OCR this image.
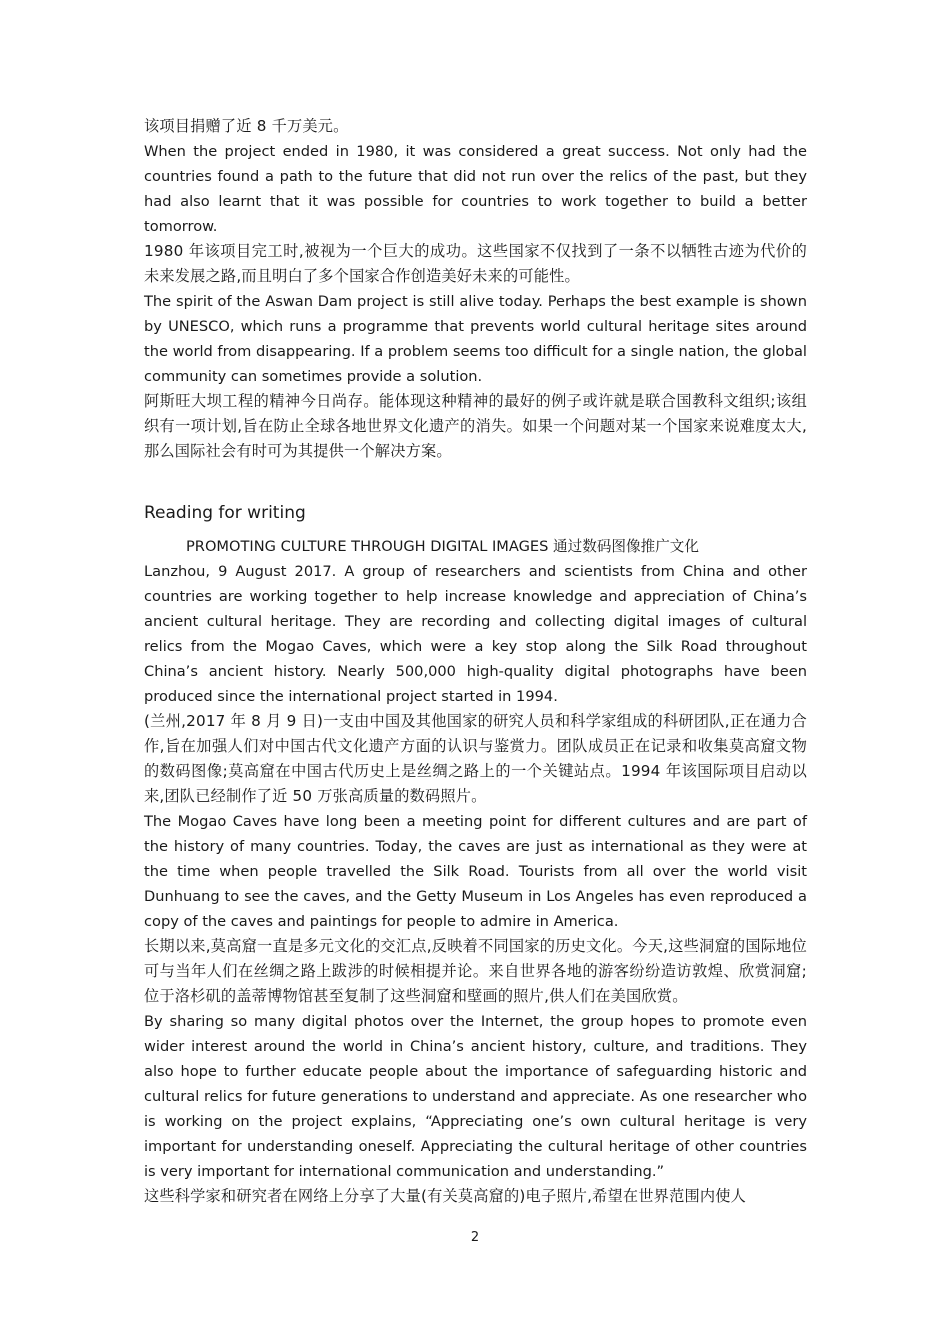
该项目捐赠了近 8 千万美元。

When the project ended in 1980, it was considered a great success. Not only had the countries found a path to the future that did not run over the relics of the past, but they had also learnt that it was possible for countries to work together to build a better tomorrow.

1980 年该项目完工时,被视为一个巨大的成功。这些国家不仅找到了一条不以牺牲古迹为代价的未来发展之路,而且明白了多个国家合作创造美好未来的可能性。

The spirit of the Aswan Dam project is still alive today. Perhaps the best example is shown by UNESCO, which runs a programme that prevents world cultural heritage sites around the world from disappearing. If a problem seems too difficult for a single nation, the global community can sometimes provide a solution.

阿斯旺大坝工程的精神今日尚存。能体现这种精神的最好的例子或许就是联合国教科文组织;该组织有一项计划,旨在防止全球各地世界文化遗产的消失。如果一个问题对某一个国家来说难度太大,那么国际社会有时可为其提供一个解决方案。

Reading for writing

PROMOTING CULTURE THROUGH DIGITAL IMAGES 通过数码图像推广文化

Lanzhou, 9 August 2017. A group of researchers and scientists from China and other countries are working together to help increase knowledge and appreciation of China’s ancient cultural heritage. They are recording and collecting digital images of cultural relics from the Mogao Caves, which were a key stop along the Silk Road throughout China’s ancient history. Nearly 500,000 high-quality digital photographs have been produced since the international project started in 1994.

(兰州,2017 年 8 月 9 日)一支由中国及其他国家的研究人员和科学家组成的科研团队,正在通力合作,旨在加强人们对中国古代文化遗产方面的认识与鉴赏力。团队成员正在记录和收集莫高窟文物的数码图像;莫高窟在中国古代历史上是丝绸之路上的一个关键站点。1994 年该国际项目启动以来,团队已经制作了近 50 万张高质量的数码照片。

The Mogao Caves have long been a meeting point for different cultures and are part of the history of many countries. Today, the caves are just as international as they were at the time when people travelled the Silk Road. Tourists from all over the world visit Dunhuang to see the caves, and the Getty Museum in Los Angeles has even reproduced a copy of the caves and paintings for people to admire in America.

长期以来,莫高窟一直是多元文化的交汇点,反映着不同国家的历史文化。今天,这些洞窟的国际地位可与当年人们在丝绸之路上跋涉的时候相提并论。来自世界各地的游客纷纷造访敦煌、欣赏洞窟;位于洛杉矶的盖蒂博物馆甚至复制了这些洞窟和壁画的照片,供人们在美国欣赏。

By sharing so many digital photos over the Internet, the group hopes to promote even wider interest around the world in China’s ancient history, culture, and traditions. They also hope to further educate people about the importance of safeguarding historic and cultural relics for future generations to understand and appreciate. As one researcher who is working on the project explains, “Appreciating one’s own cultural heritage is very important for understanding oneself. Appreciating the cultural heritage of other countries is very important for international communication and understanding.”

这些科学家和研究者在网络上分享了大量(有关莫高窟的)电子照片,希望在世界范围内使人

2
